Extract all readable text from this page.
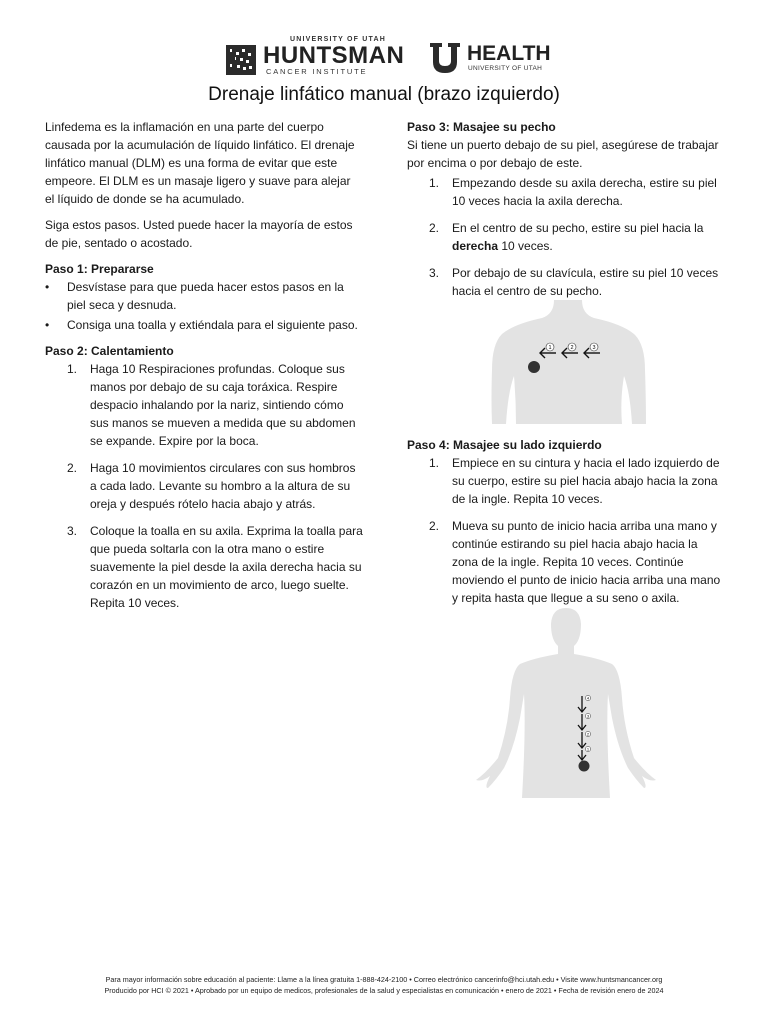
UNIVERSITY OF UTAH
HUNTSMAN
CANCER INSTITUTE
HEALTH
UNIVERSITY OF UTAH
Drenaje linfático manual (brazo izquierdo)

Linfedema es la inflamación en una parte del cuerpo causada por la acumulación de líquido linfático. El drenaje linfático manual (DLM) es una forma de evitar que este empeore. El DLM es un masaje ligero y suave para alejar el líquido de donde se ha acumulado.

Siga estos pasos. Usted puede hacer la mayoría de estos de pie, sentado o acostado.

Paso 1: Prepararse
• Desvístase para que pueda hacer estos pasos en la piel seca y desnuda.
• Consiga una toalla y extiéndala para el siguiente paso.
Paso 2: Calentamiento
1. Haga 10 Respiraciones profundas. Coloque sus manos por debajo de su caja toráxica. Respire despacio inhalando por la nariz, sintiendo cómo sus manos se mueven a medida que su abdomen se expande. Expire por la boca.
2. Haga 10 movimientos circulares con sus hombros a cada lado. Levante su hombro a la altura de su oreja y después rótelo hacia abajo y atrás.
3. Coloque la toalla en su axila. Exprima la toalla para que pueda soltarla con la otra mano o estire suavemente la piel desde la axila derecha hacia su corazón en un movimiento de arco, luego suelte. Repita 10 veces.
Paso 3: Masajee su pecho

Si tiene un puerto debajo de su piel, asegúrese de trabajar por encima o por debajo de este.

1. Empezando desde su axila derecha, estire su piel 10 veces hacia la axila derecha.
2. En el centro de su pecho, estire su piel hacia la derecha 10 veces.
3. Por debajo de su clavícula, estire su piel 10 veces hacia el centro de su pecho.
Paso 4: Masajee su lado izquierdo
1. Empiece en su cintura y hacia el lado izquierdo de su cuerpo, estire su piel hacia abajo hacia la zona de la ingle. Repita 10 veces.
2. Mueva su punto de inicio hacia arriba una mano y continúe estirando su piel hacia abajo hacia la zona de la ingle. Repita 10 veces. Continúe moviendo el punto de inicio hacia arriba una mano y repita hasta que llegue a su seno o axila.
1	2	3
4
3
2
1
Para mayor información sobre educación al paciente: Llame a la línea gratuita 1-888-424-2100 • Correo electrónico cancerinfo@hci.utah.edu • Visite www.huntsmancancer.org
Producido por HCI © 2021 • Aprobado por un equipo de medicos, profesionales de la salud y especialistas en comunicación • enero de 2021 • Fecha de revisión enero de 2024
